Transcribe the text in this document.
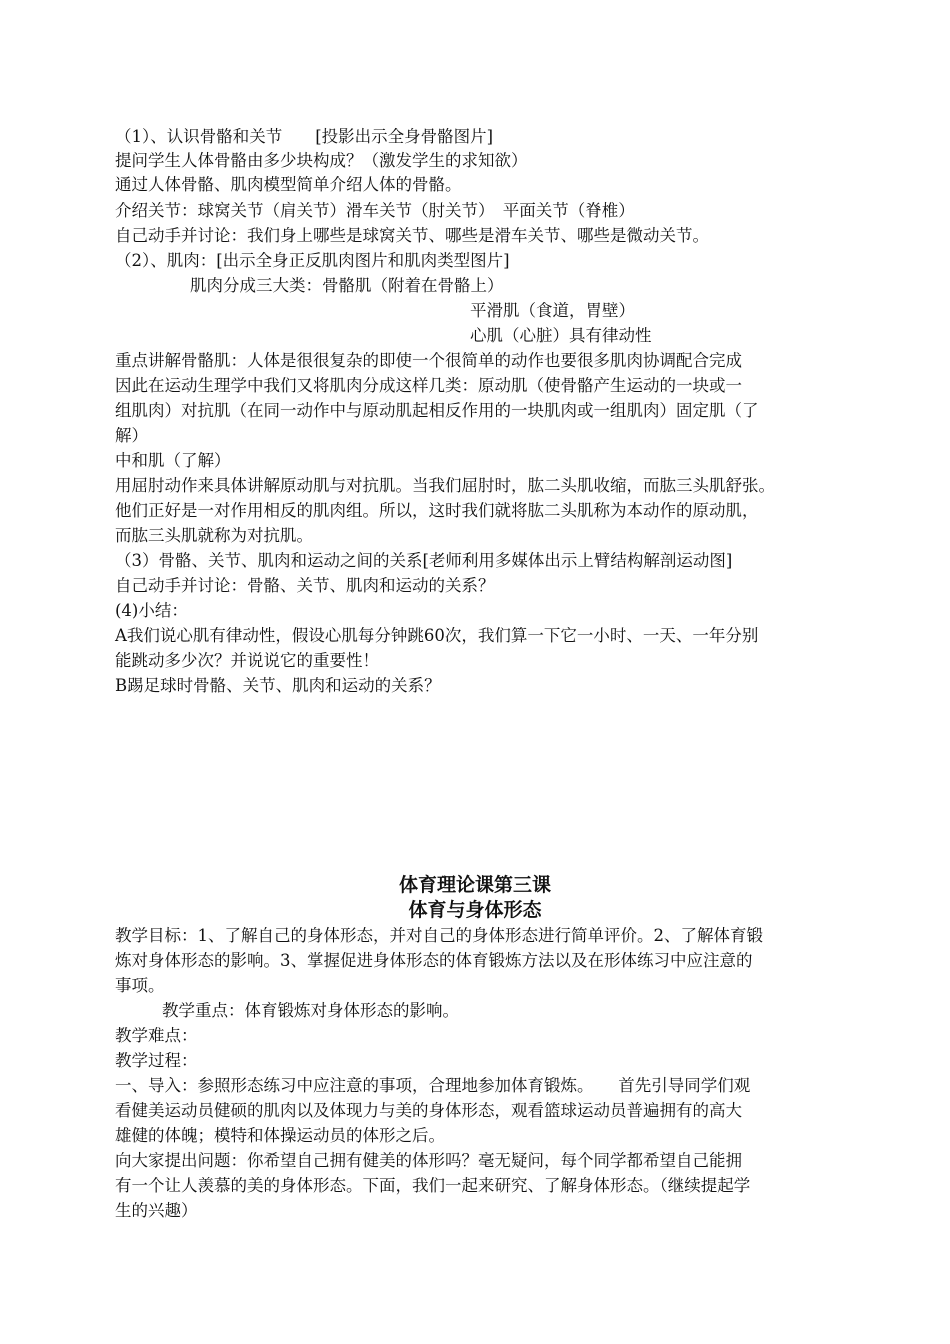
（1）、认识骨骼和关节　　[投影出示全身骨骼图片]
提问学生人体骨骼由多少块构成？（激发学生的求知欲）
通过人体骨骼、肌肉模型简单介绍人体的骨骼。
介绍关节：球窝关节（肩关节）滑车关节（肘关节）　平面关节（脊椎）
自己动手并讨论：我们身上哪些是球窝关节、哪些是滑车关节、哪些是微动关节。
（2）、肌肉：[出示全身正反肌肉图片和肌肉类型图片]
肌肉分成三大类：骨骼肌（附着在骨骼上）
平滑肌（食道，胃壁）
心肌（心脏）具有律动性
重点讲解骨骼肌：人体是很很复杂的即使一个很简单的动作也要很多肌肉协调配合完成
因此在运动生理学中我们又将肌肉分成这样几类：原动肌（使骨骼产生运动的一块或一
组肌肉）对抗肌（在同一动作中与原动肌起相反作用的一块肌肉或一组肌肉）固定肌（了
解）
中和肌（了解）
用屈肘动作来具体讲解原动肌与对抗肌。当我们屈肘时，肱二头肌收缩，而肱三头肌舒张。
他们正好是一对作用相反的肌肉组。所以，这时我们就将肱二头肌称为本动作的原动肌，
而肱三头肌就称为对抗肌。
（3）骨骼、关节、肌肉和运动之间的关系[老师利用多媒体出示上臂结构解剖运动图]
自己动手并讨论：骨骼、关节、肌肉和运动的关系？
(4)小结：
A我们说心肌有律动性，假设心肌每分钟跳60次，我们算一下它一小时、一天、一年分别
能跳动多少次？并说说它的重要性！
B踢足球时骨骼、关节、肌肉和运动的关系？
体育理论课第三课
体育与身体形态
教学目标：1、了解自己的身体形态，并对自己的身体形态进行简单评价。2、了解体育锻
炼对身体形态的影响。3、掌握促进身体形态的体育锻炼方法以及在形体练习中应注意的
事项。
教学重点：体育锻炼对身体形态的影响。
教学难点：
教学过程：
一、导入：参照形态练习中应注意的事项，合理地参加体育锻炼。　　首先引导同学们观
看健美运动员健硕的肌肉以及体现力与美的身体形态，观看篮球运动员普遍拥有的高大
雄健的体魄；模特和体操运动员的体形之后。
向大家提出问题：你希望自己拥有健美的体形吗？毫无疑问，每个同学都希望自己能拥
有一个让人羡慕的美的身体形态。下面，我们一起来研究、了解身体形态。（继续提起学
生的兴趣）
